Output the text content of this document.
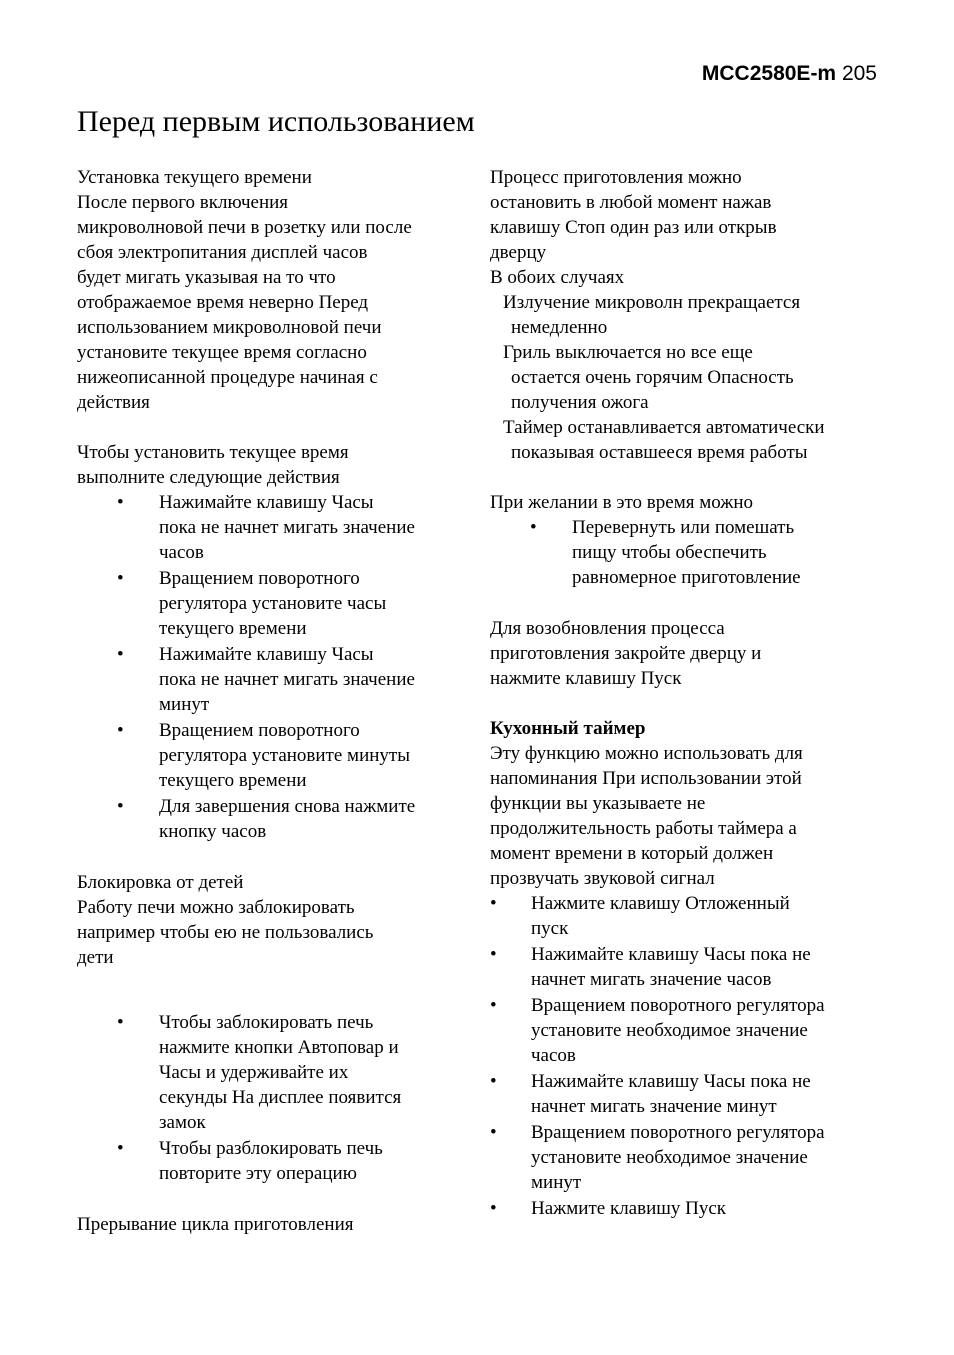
MCC2580E-m 205
Перед первым использованием

Установка текущего времени

После первого включения

микроволновой печи в розетку или после

сбоя электропитания дисплей часов

будет мигать указывая на то что

отображаемое время неверно Перед

использованием микроволновой печи

установите текущее время согласно

нижеописанной процедуре начиная с

действия

Чтобы установить текущее время

выполните следующие действия

• Нажимайте клавишу Часы

пока не начнет мигать значение

часов

• Вращением поворотного

регулятора установите часы

текущего времени

• Нажимайте клавишу Часы

пока не начнет мигать значение

минут

• Вращением поворотного

регулятора установите минуты

текущего времени

• Для завершения снова нажмите

кнопку часов

Блокировка от детей

Работу печи можно заблокировать

например чтобы ею не пользовались

дети

• Чтобы заблокировать печь

нажмите кнопки Автоповар и

Часы и удерживайте их

секунды На дисплее появится

замок

• Чтобы разблокировать печь

повторите эту операцию

Прерывание цикла приготовления

Процесс приготовления можно

остановить в любой момент нажав

клавишу Стоп один раз или открыв

дверцу

В обоих случаях

Излучение микроволн прекращается

немедленно

Гриль выключается но все еще

остается очень горячим Опасность

получения ожога

Таймер останавливается автоматически

показывая оставшееся время работы

При желании в это время можно

• Перевернуть или помешать

пищу чтобы обеспечить

равномерное приготовление

Для возобновления процесса

приготовления закройте дверцу и

нажмите клавишу Пуск

Кухонный таймер

Эту функцию можно использовать для

напоминания При использовании этой

функции вы указываете не

продолжительность работы таймера а

момент времени в который должен

прозвучать звуковой сигнал

• Нажмите клавишу Отложенный

пуск

• Нажимайте клавишу Часы пока не

начнет мигать значение часов

• Вращением поворотного регулятора

установите необходимое значение

часов

• Нажимайте клавишу Часы пока не

начнет мигать значение минут

• Вращением поворотного регулятора

установите необходимое значение

минут

• Нажмите клавишу Пуск
